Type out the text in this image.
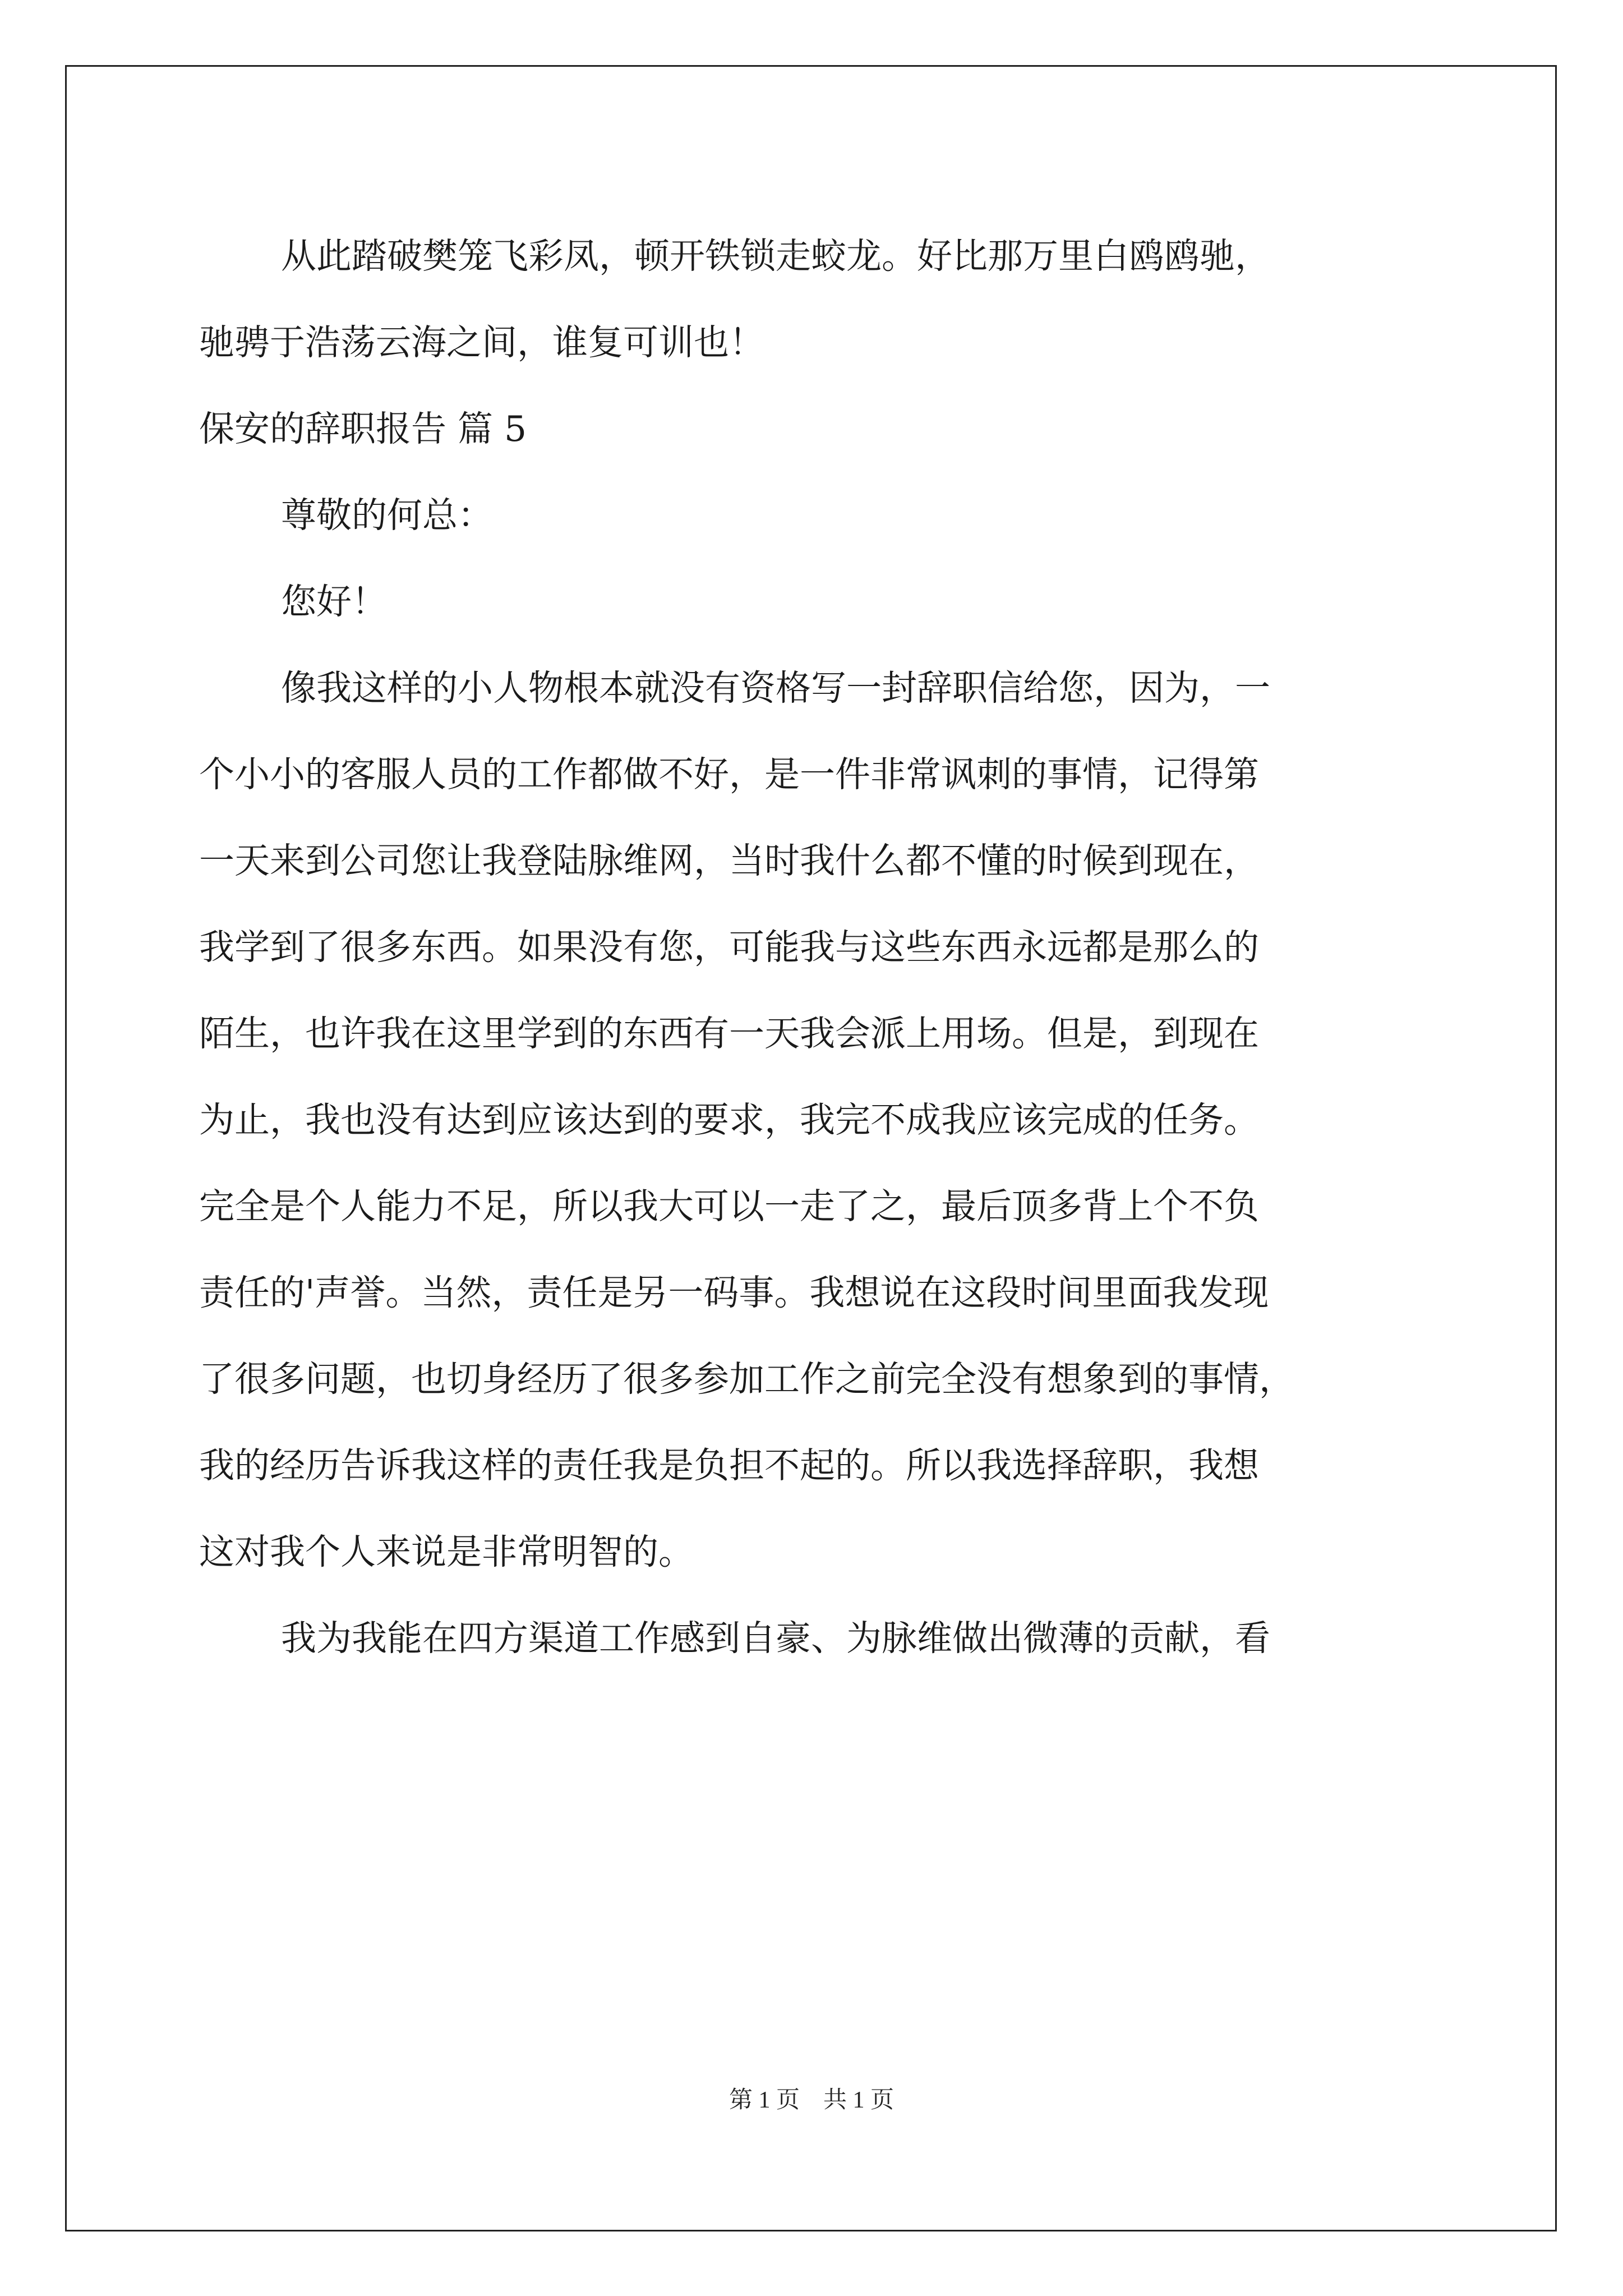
从此踏破樊笼飞彩凤，顿开铁锁走蛟龙。好比那万里白鸥鸥驰，
驰骋于浩荡云海之间，谁复可训也！
保安的辞职报告 篇 5
尊敬的何总：
您好！
像我这样的小人物根本就没有资格写一封辞职信给您，因为，一
个小小的客服人员的工作都做不好，是一件非常讽刺的事情，记得第
一天来到公司您让我登陆脉维网，当时我什么都不懂的时候到现在，
我学到了很多东西。如果没有您，可能我与这些东西永远都是那么的
陌生，也许我在这里学到的东西有一天我会派上用场。但是，到现在
为止，我也没有达到应该达到的要求，我完不成我应该完成的任务。
完全是个人能力不足，所以我大可以一走了之，最后顶多背上个不负
责任的'声誉。当然，责任是另一码事。我想说在这段时间里面我发现
了很多问题，也切身经历了很多参加工作之前完全没有想象到的事情，
我的经历告诉我这样的责任我是负担不起的。所以我选择辞职，我想
这对我个人来说是非常明智的。
我为我能在四方渠道工作感到自豪、为脉维做出微薄的贡献，看
第 1 页　共 1 页
